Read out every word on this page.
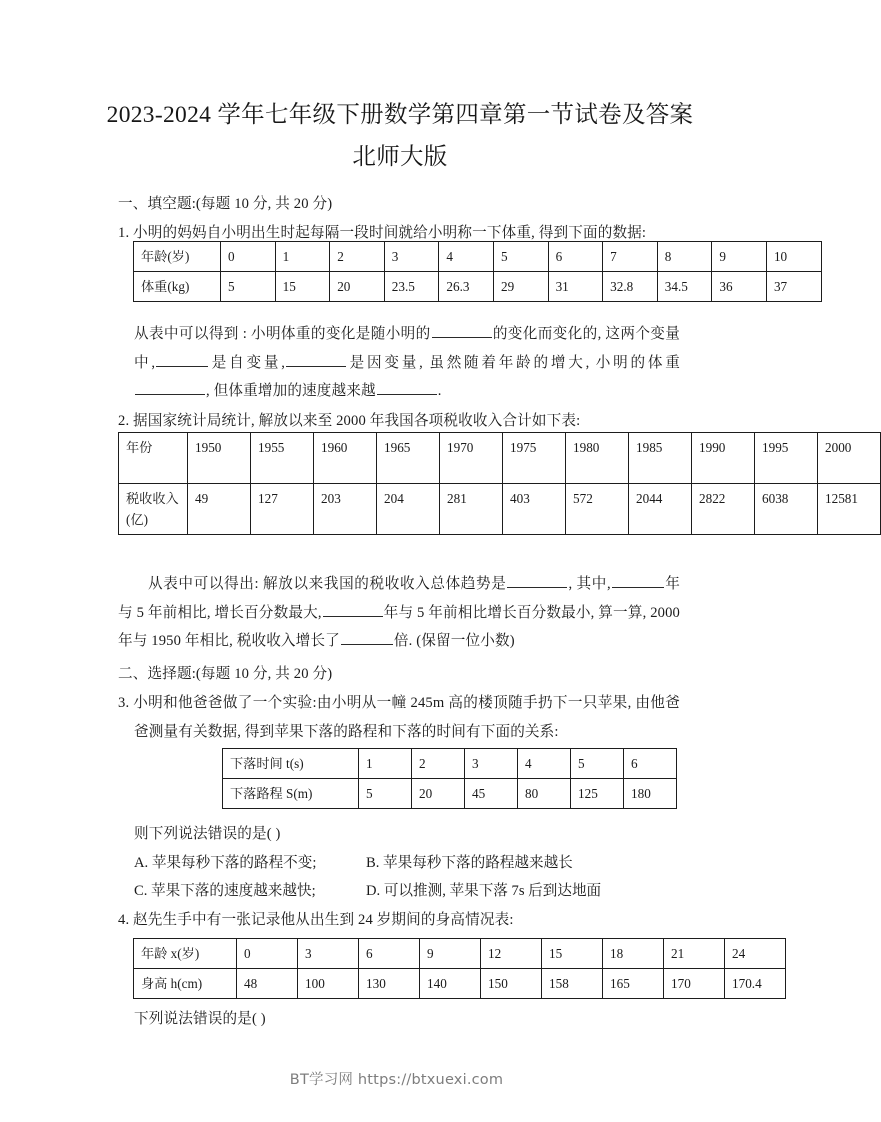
2023-2024 学年七年级下册数学第四章第一节试卷及答案北师大版
一、填空题:(每题 10 分, 共 20 分)
1. 小明的妈妈自小明出生时起每隔一段时间就给小明称一下体重, 得到下面的数据:
年龄(岁)	0	1	2	3	4	5	6	7	8	9	10
体重(kg)	5	15	20	23.5	26.3	29	31	32.8	34.5	36	37
从表中可以得到 : 小明体重的变化是随小明的	的变化而变化的, 这两个变量中,	是自变量,	是因变量, 虽然随着年龄的增大, 小明的体重, 但体重增加的速度越来越	.
2. 据国家统计局统计, 解放以来至 2000 年我国各项税收收入合计如下表:
年份	1950	1955	1960	1965	1970	1975	1980	1985	1990	1995	2000
税收收入(亿)	49	127	203	204	281	403	572	2044	2822	6038	12581
从表中可以得出: 解放以来我国的税收收入总体趋势是	, 其中,	年与 5 年前相比, 增长百分数最大,	年与 5 年前相比增长百分数最小, 算一算, 2000 年与 1950 年相比, 税收收入增长了	倍. (保留一位小数)
二、选择题:(每题 10 分, 共 20 分)
3. 小明和他爸爸做了一个实验:由小明从一幢 245m 高的楼顶随手扔下一只苹果, 由他爸爸测量有关数据, 得到苹果下落的路程和下落的时间有下面的关系:
下落时间 t(s)	1	2	3	4	5	6
下落路程 S(m)	5	20	45	80	125	180
则下列说法错误的是( )
A. 苹果每秒下落的路程不变;	B. 苹果每秒下落的路程越来越长
C. 苹果下落的速度越来越快;	D. 可以推测, 苹果下落 7s 后到达地面
4. 赵先生手中有一张记录他从出生到 24 岁期间的身高情况表:
年龄 x(岁)	0	3	6	9	12	15	18	21	24
身高 h(cm)	48	100	130	140	150	158	165	170	170.4
下列说法错误的是( )
BT学习网 https://btxuexi.com
